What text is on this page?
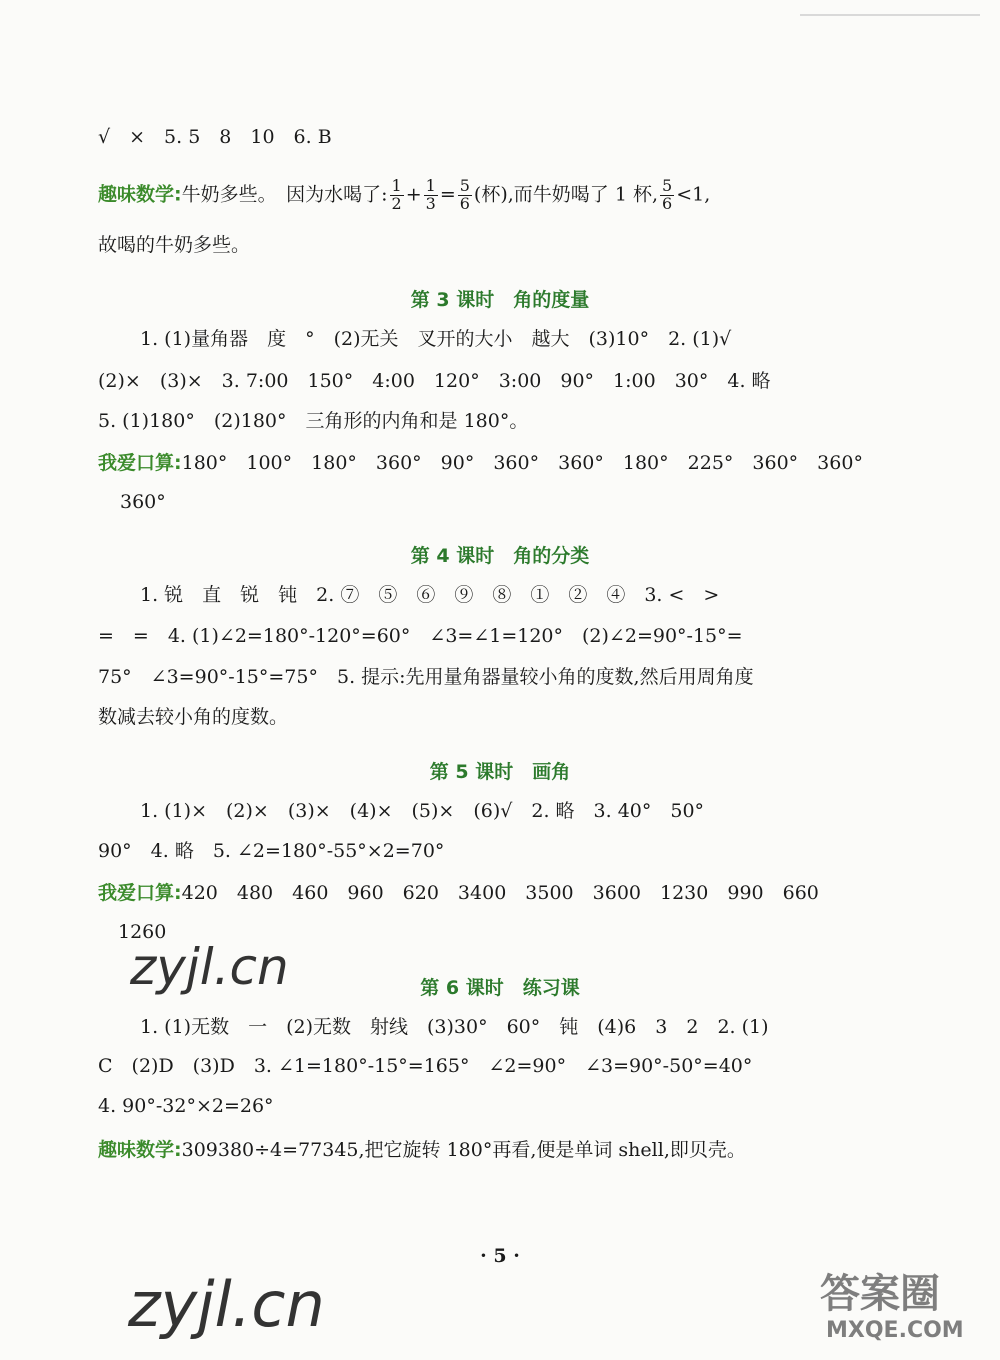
√　×　5. 5　8　10　6. B
趣味数学:牛奶多些。　因为水喝了: $\frac{1}{2} + \frac{1}{3} = \frac{5}{6}$ (杯),而牛奶喝了 1 杯, $\frac{5}{6} <1$,
故喝的牛奶多些。
第 3 课时　角的度量
1. (1)量角器　度　°　(2)无关　叉开的大小　越大　(3)10°　2. (1)√
(2)×　(3)×　3. 7:00　150°　4:00　120°　3:00　90°　1:00　30°　4. 略
5. (1)180°　(2)180°　三角形的内角和是 180°。
我爱口算:180°　100°　180°　360°　90°　360°　360°　180°　225°　360°　360°
360°
第 4 课时　角的分类
1. 锐　直　锐　钝　2. ⑦　⑤　⑥　⑨　⑧　①　②　④　3. <　>
=　=　4. (1)∠2=180°-120°=60°　∠3=∠1=120°　(2)∠2=90°-15°=
75°　∠3=90°-15°=75°　5. 提示:先用量角器量较小角的度数,然后用周角度
数减去较小角的度数。
第 5 课时　画角
1. (1)×　(2)×　(3)×　(4)×　(5)×　(6)√　2. 略　3. 40°　50°
90°　4. 略　5. ∠2=180°-55°×2=70°
我爱口算:420　480　460　960　620　3400　3500　3600　1230　990　660
1260
zyjl.cn	第 6 课时　练习课
1. (1)无数　一　(2)无数　射线　(3)30°　60°　钝　(4)6　3　2　2. (1)
C　(2)D　(3)D　3. ∠1=180°-15°=165°　∠2=90°　∠3=90°-50°=40°
4. 90°-32°×2=26°
趣味数学:309380÷4=77345,把它旋转 180°再看,便是单词 shell,即贝壳。
· 5 ·
zyjl.cn	答案圈
MXQE.COM
